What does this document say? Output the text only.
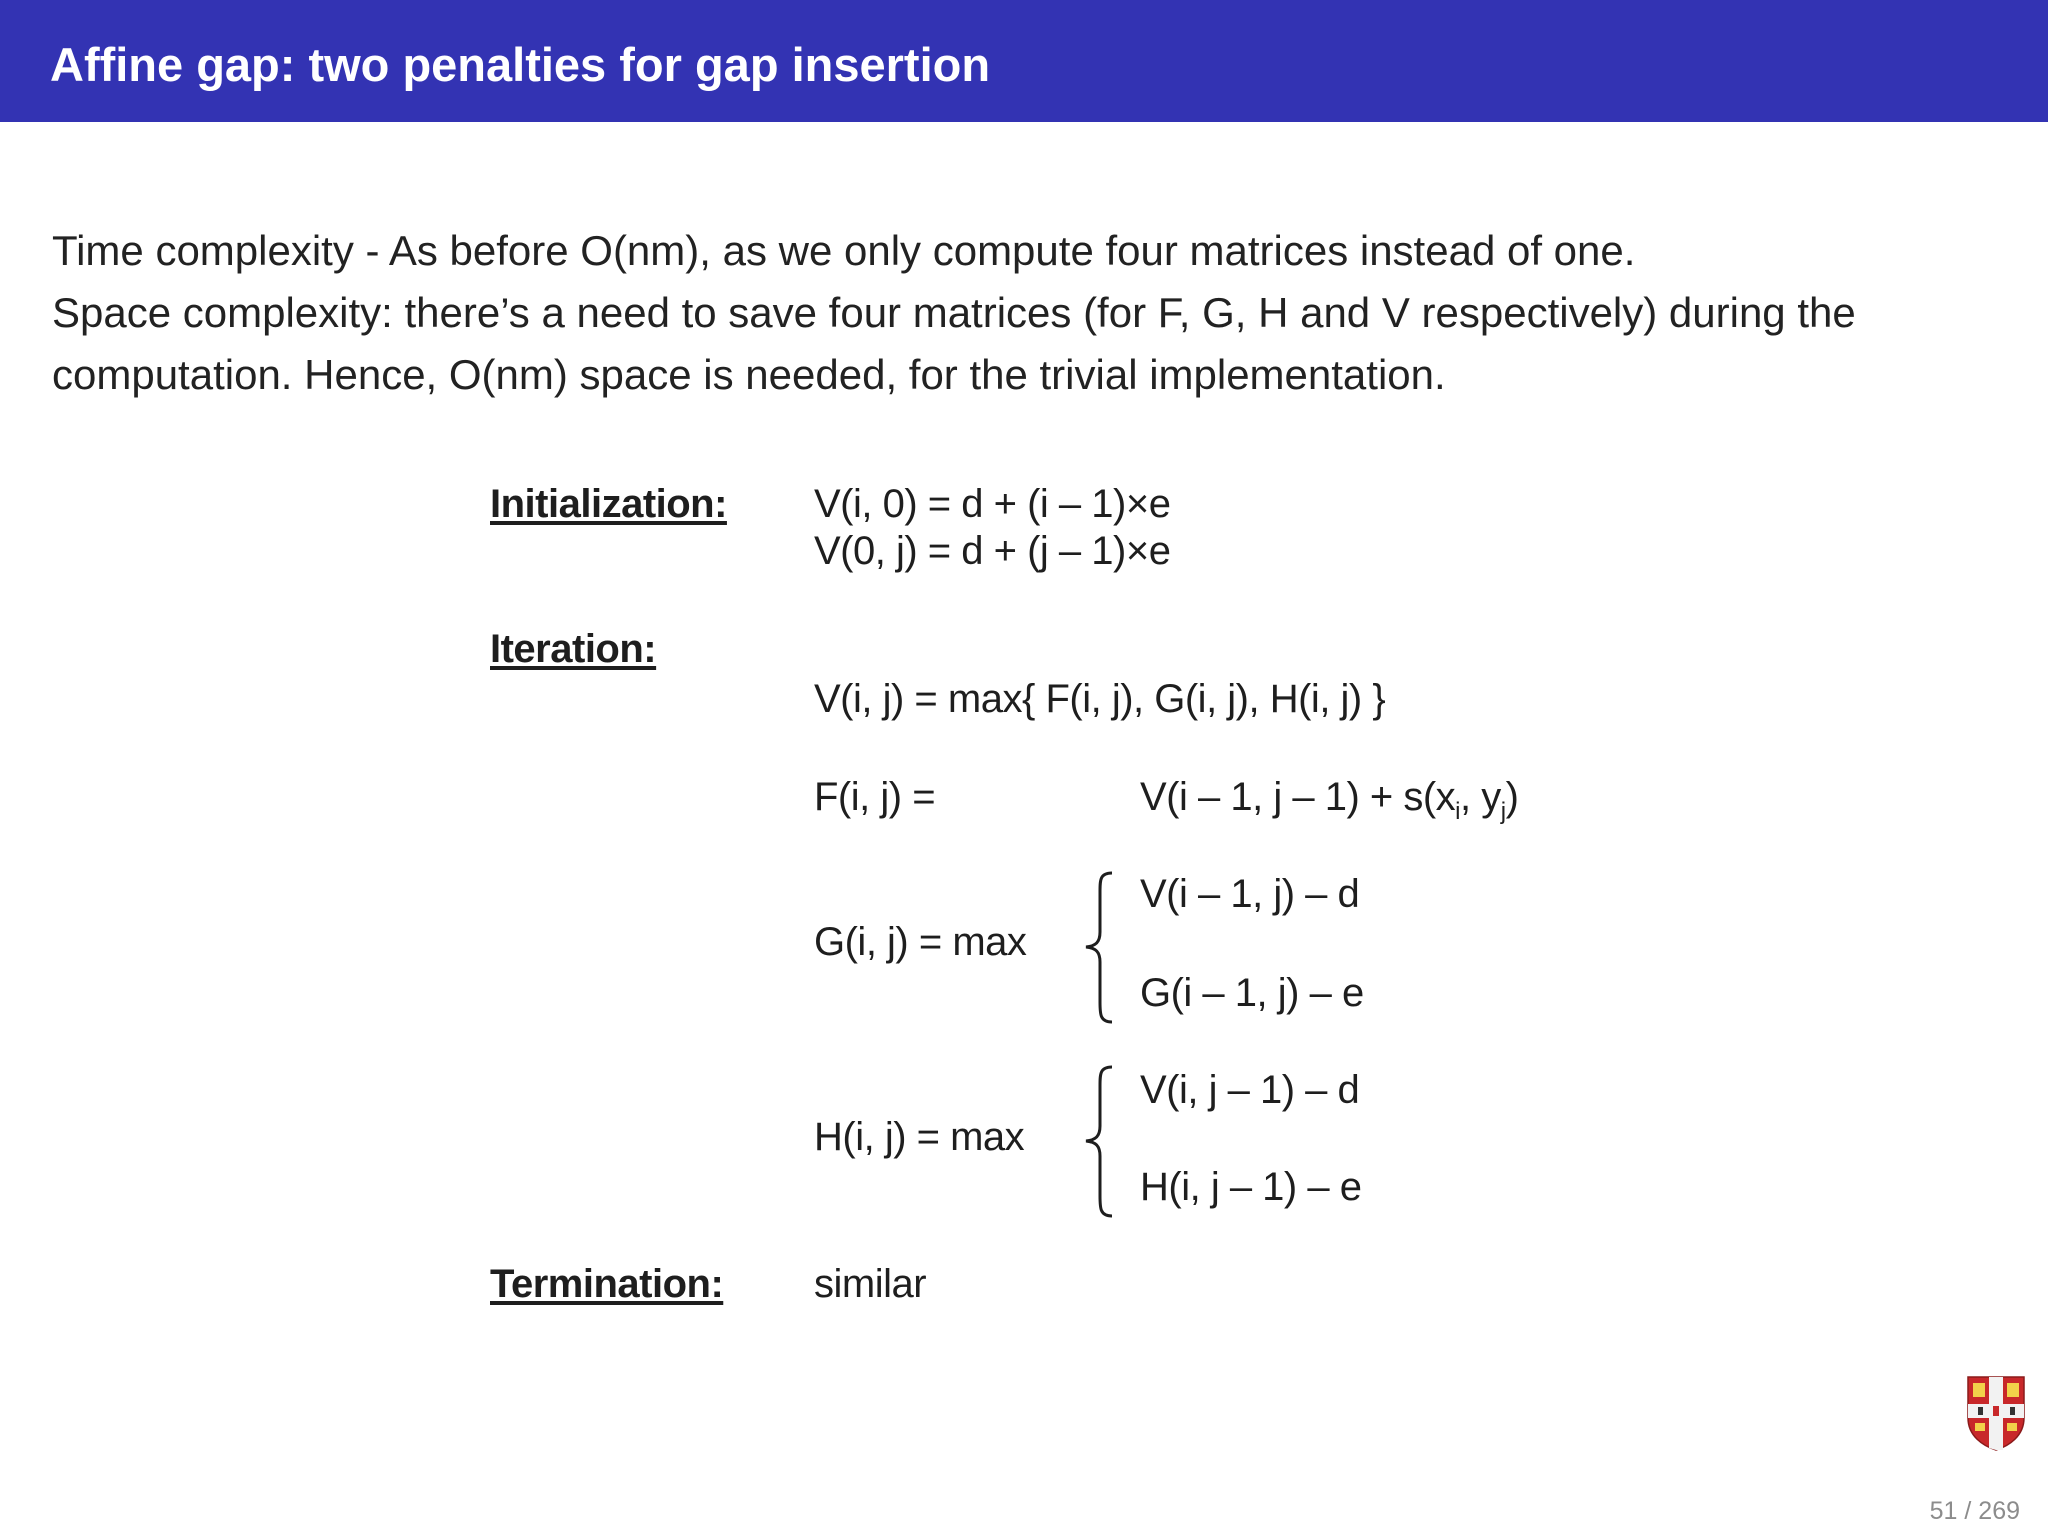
Affine gap: two penalties for gap insertion
Time complexity - As before O(nm), as we only compute four matrices instead of one.
Space complexity: there’s a need to save four matrices (for F, G, H and V respectively) during the
computation. Hence, O(nm) space is needed, for the trivial implementation.
Initialization: V(i, 0) = d + (i – 1)×e
V(0, j) = d + (j – 1)×e
Iteration:
V(i, j) = max{ F(i, j), G(i, j), H(i, j) }
F(i, j) =	V(i – 1, $j - 1) + s(x_i$, $y_j$)
G(i, j) = max
V(i – 1, j) – d
G(i – 1, j) – e
H(i, j) = max
V(i, j – 1) – d
H(i, j – 1) – e
Termination: similar
51 / 269
